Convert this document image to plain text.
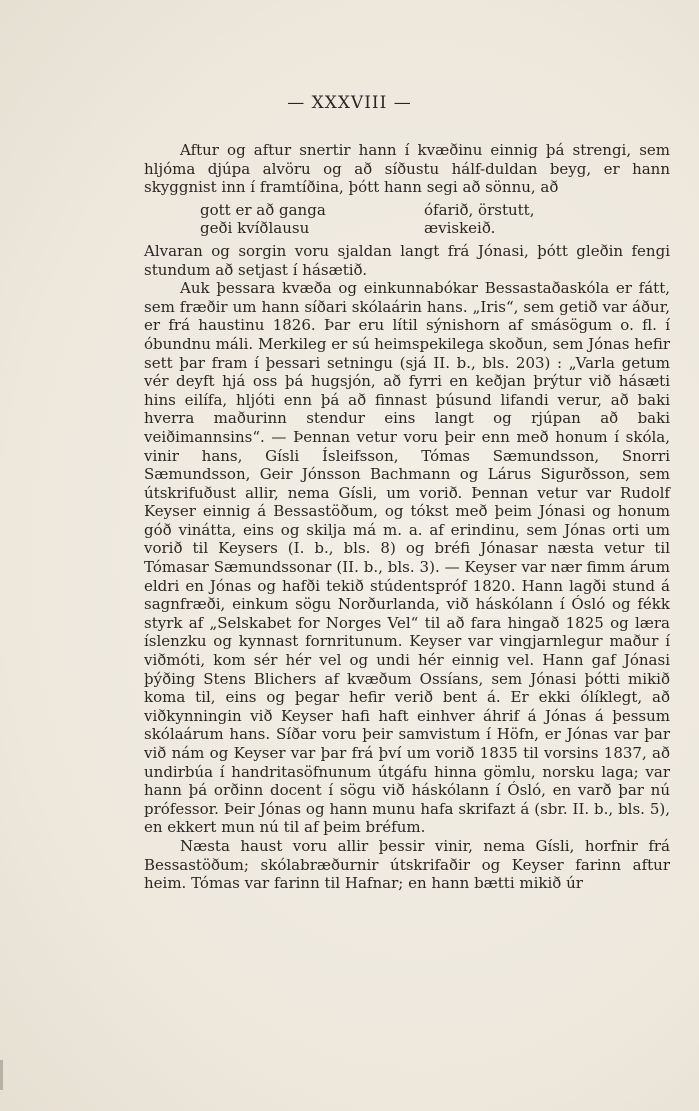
— XXXVIII —

Aftur og aftur snertir hann í kvæðinu einnig þá strengi, sem hljóma djúpa alvöru og að síðustu hálf-duldan beyg, er hann skyggnist inn í framtíðina, þótt hann segi að sönnu, að

gott er að ganga	ófarið, örstutt,
geði kvíðlausu	æviskeið.

Alvaran og sorgin voru sjaldan langt frá Jónasi, þótt gleðin fengi stundum að setjast í hásætið.

Auk þessara kvæða og einkunnabókar Bessastaðaskóla er fátt, sem fræðir um hann síðari skólaárin hans. „Iris“, sem getið var áður, er frá haustinu 1826. Þar eru lítil sýnishorn af smásögum o. fl. í óbundnu máli. Merkileg er sú heimspekilega skoðun, sem Jónas hefir sett þar fram í þessari setningu (sjá II. b., bls. 203) : „Varla getum vér deyft hjá oss þá hugsjón, að fyrri en keðjan þrýtur við hásæti hins eilífa, hljóti enn þá að finnast þúsund lifandi verur, að baki hverra maðurinn stendur eins langt og rjúpan að baki veiðimannsins“. — Þennan vetur voru þeir enn með honum í skóla, vinir hans, Gísli Ísleifsson, Tómas Sæmundsson, Snorri Sæmundsson, Geir Jónsson Bachmann og Lárus Sigurðsson, sem útskrifuðust allir, nema Gísli, um vorið. Þennan vetur var Rudolf Keyser einnig á Bessastöðum, og tókst með þeim Jónasi og honum góð vinátta, eins og skilja má m. a. af erindinu, sem Jónas orti um vorið til Keysers (I. b., bls. 8) og bréfi Jónasar næsta vetur til Tómasar Sæmundssonar (II. b., bls. 3). — Keyser var nær fimm árum eldri en Jónas og hafði tekið stúdentspróf 1820. Hann lagði stund á sagnfræði, einkum sögu Norðurlanda, við háskólann í Ósló og fékk styrk af „Selskabet for Norges Vel“ til að fara hingað 1825 og læra íslenzku og kynnast fornritunum. Keyser var vingjarnlegur maður í viðmóti, kom sér hér vel og undi hér einnig vel. Hann gaf Jónasi þýðing Stens Blichers af kvæðum Ossíans, sem Jónasi þótti mikið koma til, eins og þegar hefir verið bent á. Er ekki ólíklegt, að viðkynningin við Keyser hafi haft einhver áhrif á Jónas á þessum skólaárum hans. Síðar voru þeir samvistum í Höfn, er Jónas var þar við nám og Keyser var þar frá því um vorið 1835 til vorsins 1837, að undirbúa í handritasöfnunum útgáfu hinna gömlu, norsku laga; var hann þá orðinn docent í sögu við háskólann í Ósló, en varð þar nú prófessor. Þeir Jónas og hann munu hafa skrifazt á (sbr. II. b., bls. 5), en ekkert mun nú til af þeim bréfum.

Næsta haust voru allir þessir vinir, nema Gísli, horfnir frá Bessastöðum; skólabræðurnir útskrifaðir og Keyser farinn aftur heim. Tómas var farinn til Hafnar; en hann bætti mikið úr
